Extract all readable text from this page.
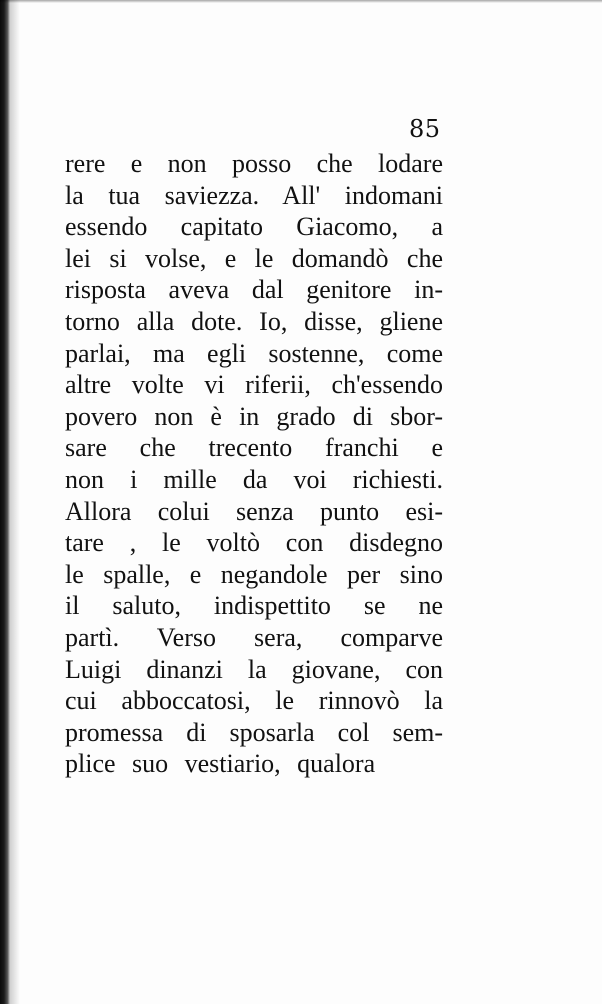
85
rere e non posso che lodare
la tua saviezza. All' indomani
essendo capitato Giacomo, a
lei si volse, e le domandò che
risposta aveva dal genitore in-
torno alla dote. Io, disse, gliene
parlai, ma egli sostenne, come
altre volte vi riferii, ch'essendo
povero non è in grado di sbor-
sare che trecento franchi e
non i mille da voi richiesti.
Allora colui senza punto esi-
tare , le voltò con disdegno
le spalle, e negandole per sino
il saluto, indispettito se ne
partì. Verso sera, comparve
Luigi dinanzi la giovane, con
cui abboccatosi, le rinnovò la
promessa di sposarla col sem-
plice suo vestiario, qualora
